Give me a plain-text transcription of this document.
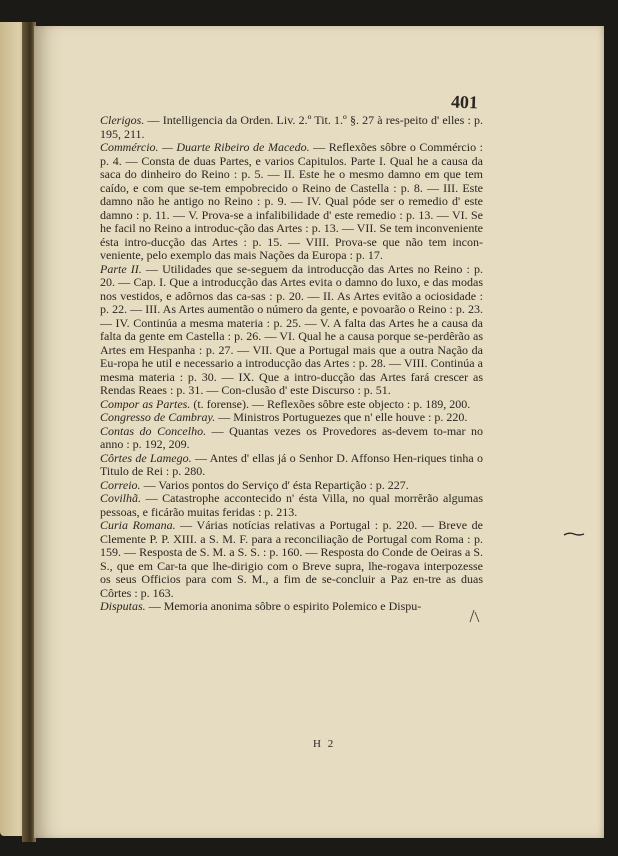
401

Clerigos. — Intelligencia da Orden. Liv. 2.º Tit. 1.º §. 27 à res-peito d' elles : p. 195, 211.

Commércio. — Duarte Ribeiro de Macedo. — Reflexões sôbre o Commércio : p. 4. — Consta de duas Partes, e varios Capitulos. Parte I. Qual he a causa da saca do dinheiro do Reino : p. 5. — II. Este he o mesmo damno em que tem caído, e com que se-tem empobrecido o Reino de Castella : p. 8. — III. Este damno não he antigo no Reino : p. 9. — IV. Qual póde ser o remedio d' este damno : p. 11. — V. Prova-se a infalibilidade d' este remedio : p. 13. — VI. Se he facil no Reino a introduc-ção das Artes : p. 13. — VII. Se tem inconveniente ésta intro-ducção das Artes : p. 15. — VIII. Prova-se que não tem incon-veniente, pelo exemplo das mais Nações da Europa : p. 17.

Parte II. — Utilidades que se-seguem da introducção das Artes no Reino : p. 20. — Cap. I. Que a introducção das Artes evita o damno do luxo, e das modas nos vestidos, e adôrnos das ca-sas : p. 20. — II. As Artes evitão a ociosidade : p. 22. — III. As Artes aumentão o número da gente, e povoarão o Reino : p. 23. — IV. Continúa a mesma materia : p. 25. — V. A falta das Artes he a causa da falta da gente em Castella : p. 26. — VI. Qual he a causa porque se-perdêrão as Artes em Hespanha : p. 27. — VII. Que a Portugal mais que a outra Nação da Eu-ropa he util e necessario a introducção das Artes : p. 28. — VIII. Continúa a mesma materia : p. 30. — IX. Que a intro-ducção das Artes fará crescer as Rendas Reaes : p. 31. — Con-clusão d' este Discurso : p. 51.

Compor as Partes. (t. forense). — Reflexões sôbre este objecto : p. 189, 200.

Congresso de Cambray. — Ministros Portuguezes que n' elle houve : p. 220.

Contas do Concelho. — Quantas vezes os Provedores as-devem to-mar no anno : p. 192, 209.

Côrtes de Lamego. — Antes d' ellas já o Senhor D. Affonso Hen-riques tinha o Titulo de Rei : p. 280.

Correio. — Varios pontos do Serviço d' ésta Repartição : p. 227.

Covilhã. — Catastrophe accontecido n' ésta Villa, no qual morrêrão algumas pessoas, e ficárão muitas feridas : p. 213.

Curia Romana. — Várias notícias relativas a Portugal : p. 220. — Breve de Clemente P. P. XIII. a S. M. F. para a reconciliação de Portugal com Roma : p. 159. — Resposta de S. M. a S. S. : p. 160. — Resposta do Conde de Oeiras a S. S., que em Car-ta que lhe-dirigio com o Breve supra, lhe-rogava interpozesse os seus Officios para com S. M., a fim de se-concluir a Paz en-tre as duas Côrtes : p. 163.

Disputas. — Memoria anonima sôbre o espirito Polemico e Dispu-

H 2
